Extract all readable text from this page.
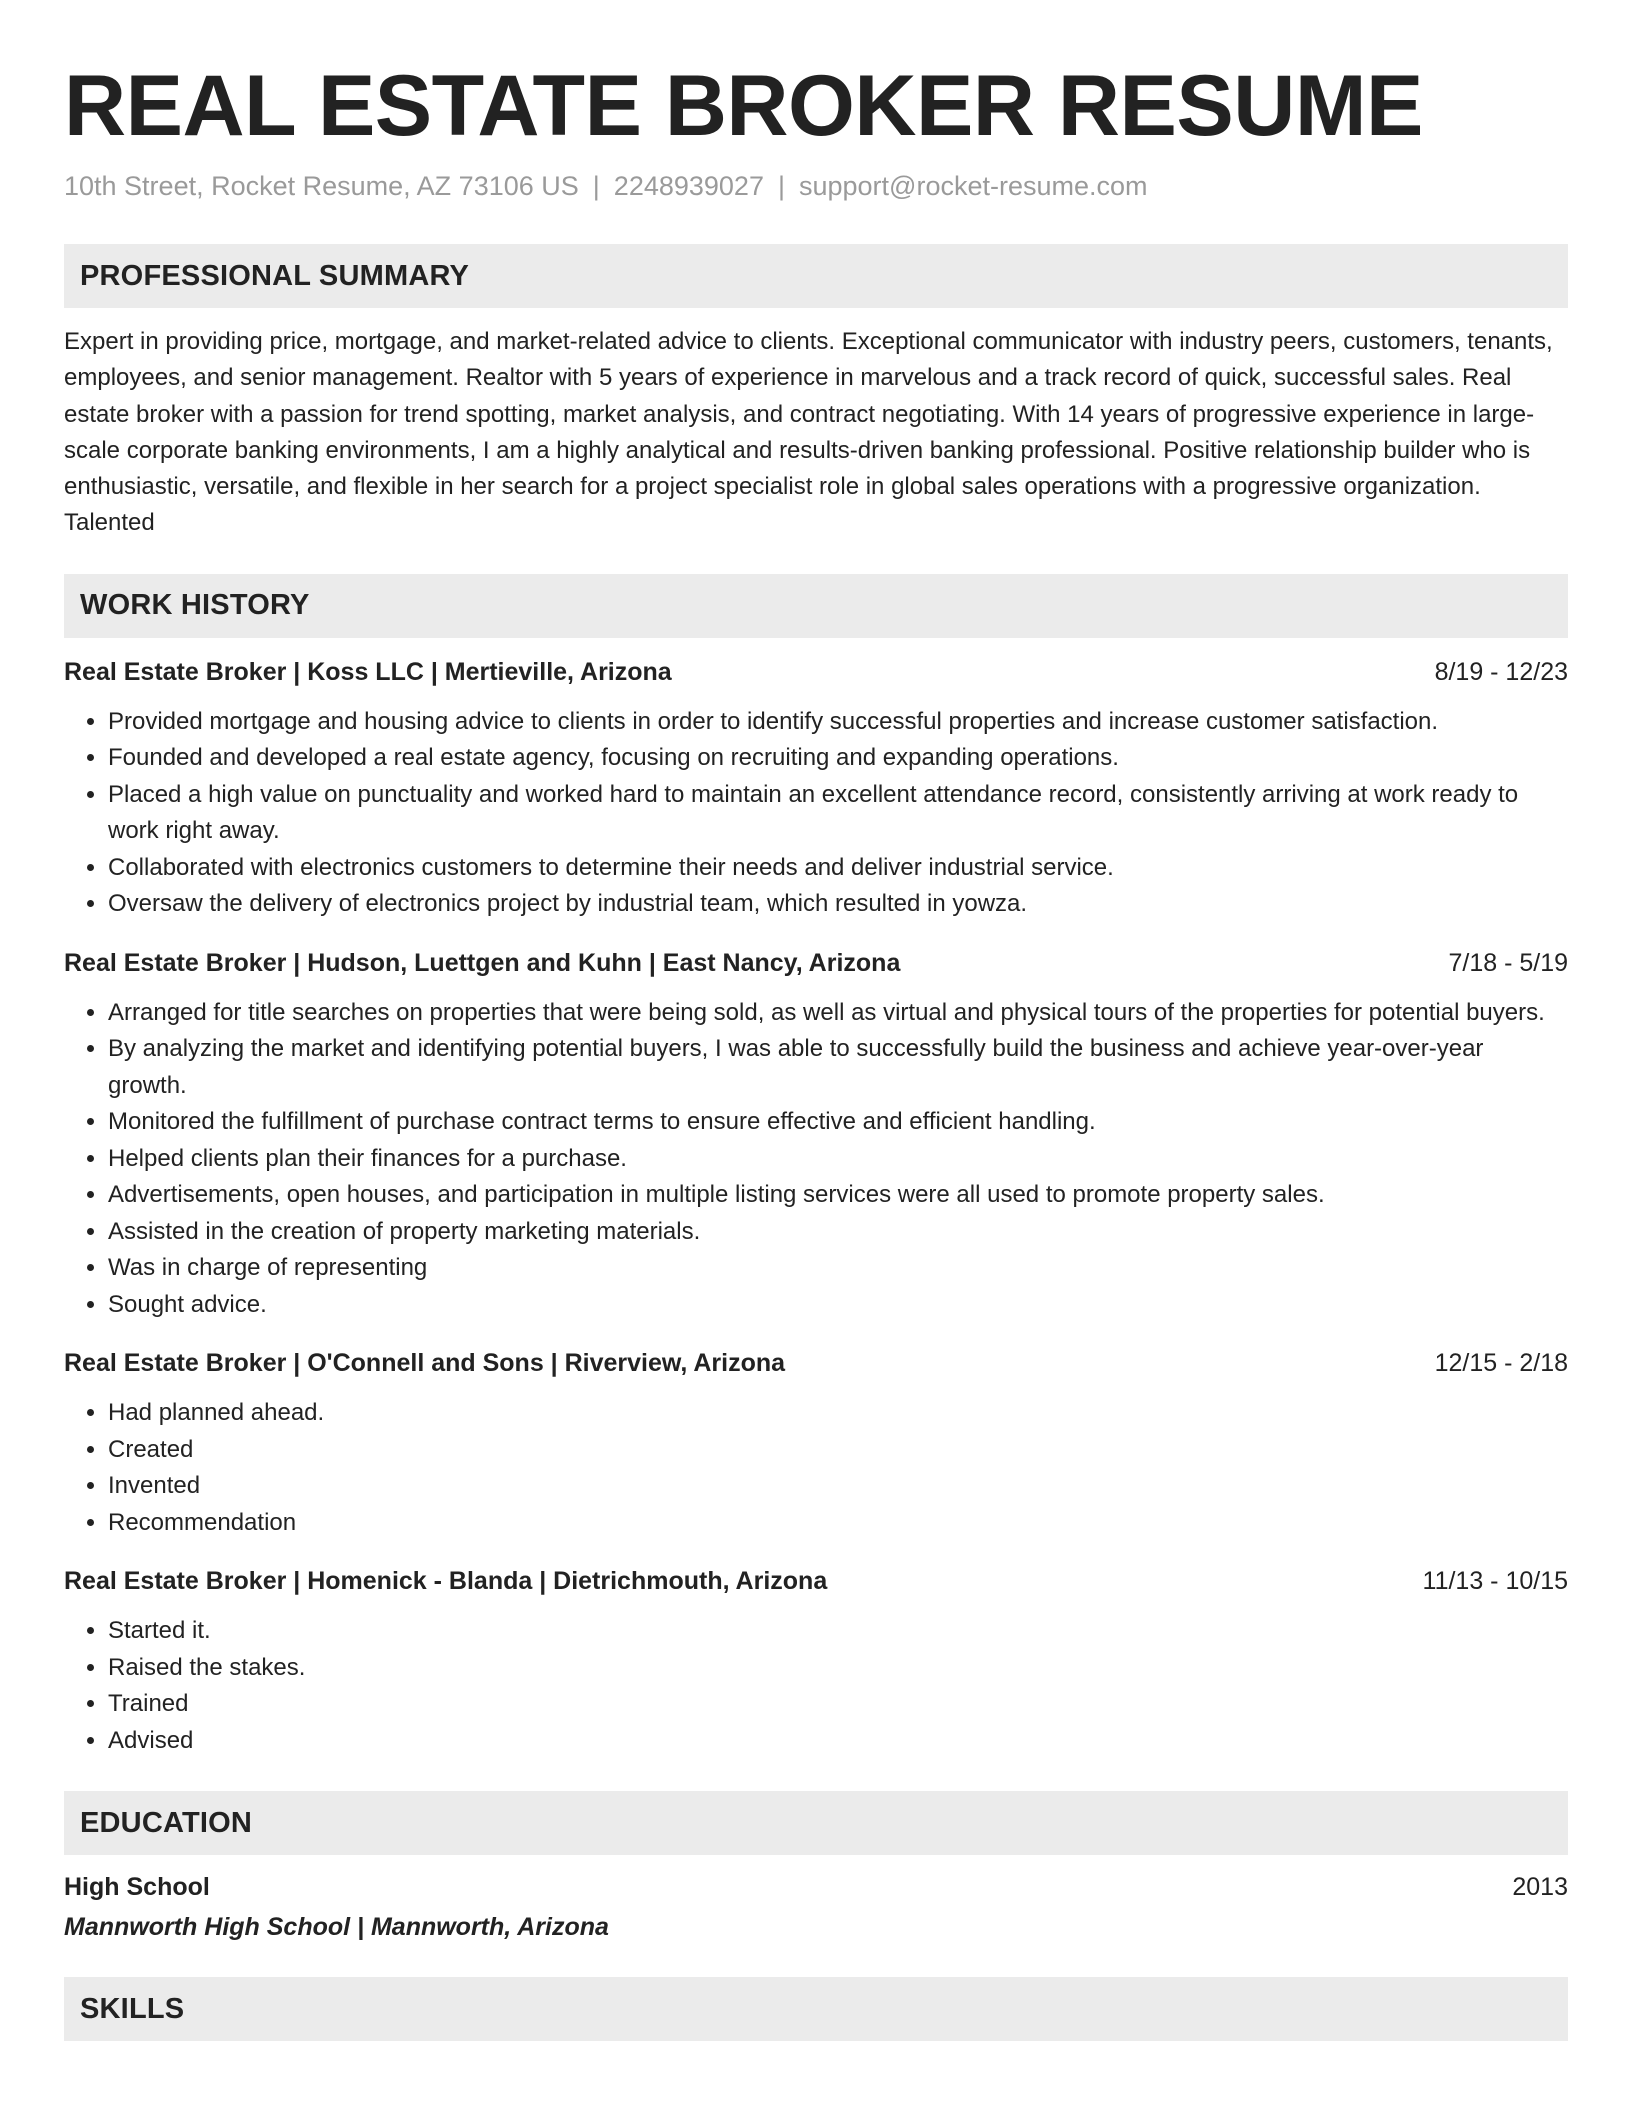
REAL ESTATE BROKER RESUME
10th Street, Rocket Resume, AZ 73106 US | 2248939027 | support@rocket-resume.com
PROFESSIONAL SUMMARY

Expert in providing price, mortgage, and market-related advice to clients. Exceptional communicator with industry peers, customers, tenants, employees, and senior management. Realtor with 5 years of experience in marvelous and a track record of quick, successful sales. Real estate broker with a passion for trend spotting, market analysis, and contract negotiating. With 14 years of progressive experience in large-scale corporate banking environments, I am a highly analytical and results-driven banking professional. Positive relationship builder who is enthusiastic, versatile, and flexible in her search for a project specialist role in global sales operations with a progressive organization. Talented

WORK HISTORY
Real Estate Broker | Koss LLC | Mertieville, Arizona	8/19 - 12/23
• Provided mortgage and housing advice to clients in order to identify successful properties and increase customer satisfaction.
• Founded and developed a real estate agency, focusing on recruiting and expanding operations.
• Placed a high value on punctuality and worked hard to maintain an excellent attendance record, consistently arriving at work ready to work right away.
• Collaborated with electronics customers to determine their needs and deliver industrial service.
• Oversaw the delivery of electronics project by industrial team, which resulted in yowza.
Real Estate Broker | Hudson, Luettgen and Kuhn | East Nancy, Arizona	7/18 - 5/19
• Arranged for title searches on properties that were being sold, as well as virtual and physical tours of the properties for potential buyers.
• By analyzing the market and identifying potential buyers, I was able to successfully build the business and achieve year-over-year growth.
• Monitored the fulfillment of purchase contract terms to ensure effective and efficient handling.
• Helped clients plan their finances for a purchase.
• Advertisements, open houses, and participation in multiple listing services were all used to promote property sales.
• Assisted in the creation of property marketing materials.
• Was in charge of representing
• Sought advice.
Real Estate Broker | O'Connell and Sons | Riverview, Arizona	12/15 - 2/18
• Had planned ahead.
• Created
• Invented
• Recommendation
Real Estate Broker | Homenick - Blanda | Dietrichmouth, Arizona	11/13 - 10/15
• Started it.
• Raised the stakes.
• Trained
• Advised
EDUCATION
High School	2013
Mannworth High School | Mannworth, Arizona
SKILLS
